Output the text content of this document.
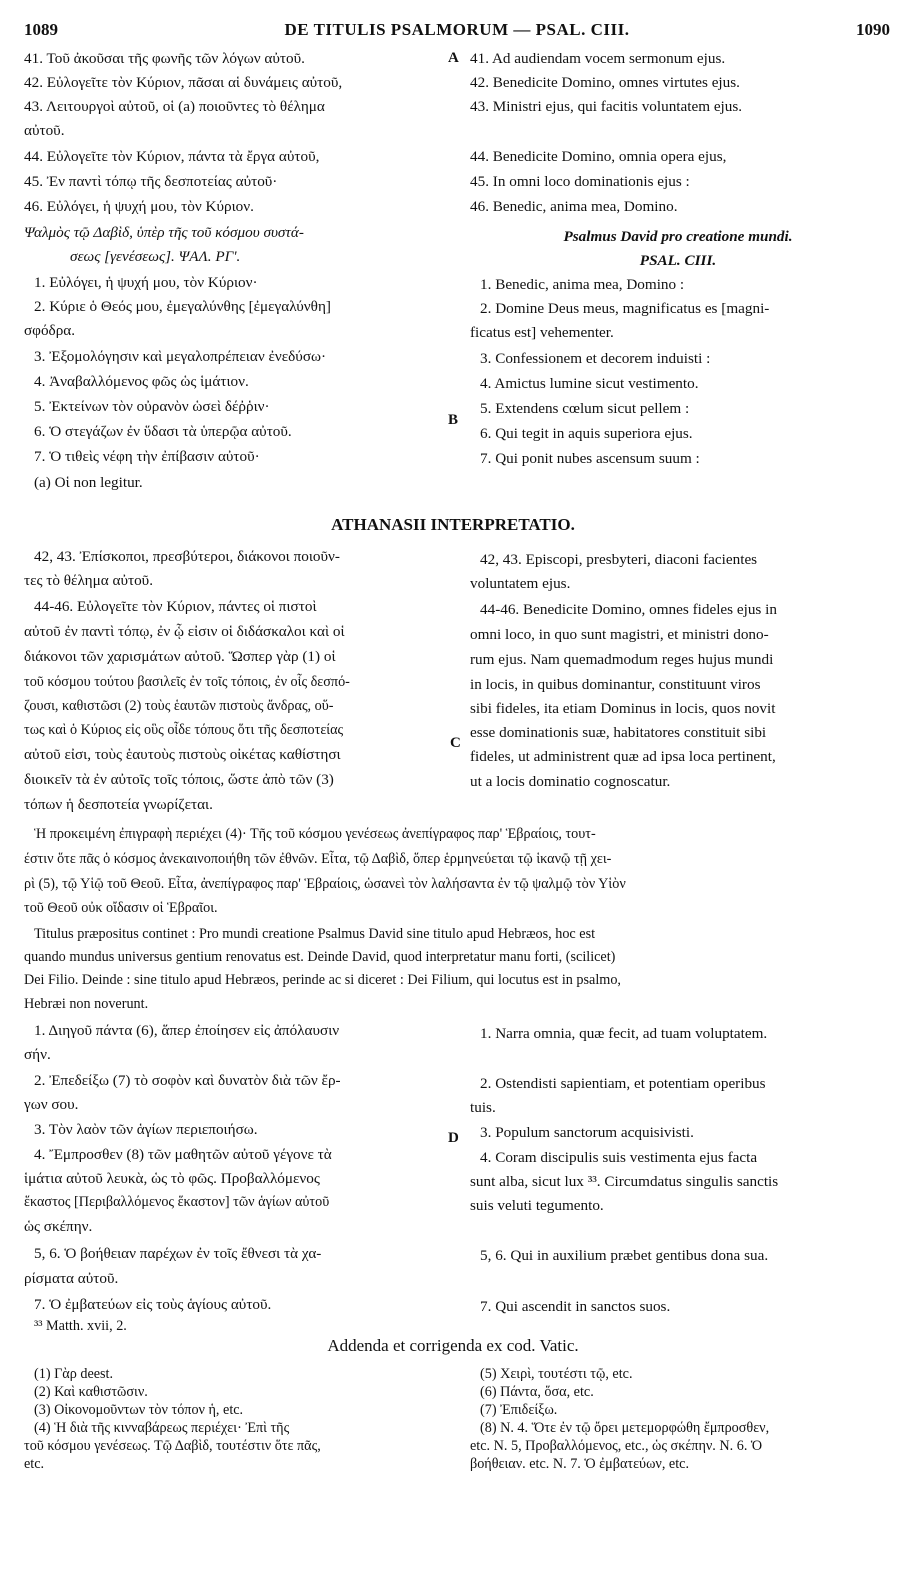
1089	DE TITULIS PSALMORUM — PSAL. CIII.	1090
A
B
C
D
41. Τοῦ ἀκοῦσαι τῆς φωνῆς τῶν λόγων αὐτοῦ.
42. Εὐλογεῖτε τὸν Κύριον, πᾶσαι αἱ δυνάμεις αὐτοῦ,
43. Λειτουργοὶ αὐτοῦ, οἱ (a) ποιοῦντες τὸ θέλημα
αὐτοῦ.
44. Εὐλογεῖτε τὸν Κύριον, πάντα τὰ ἔργα αὐτοῦ,
45. Ἐν παντὶ τόπῳ τῆς δεσποτείας αὐτοῦ·
46. Εὐλόγει, ἡ ψυχή μου, τὸν Κύριον.
41. Ad audiendam vocem sermonum ejus.
42. Benedicite Domino, omnes virtutes ejus.
43. Ministri ejus, qui facitis voluntatem ejus.
44. Benedicite Domino, omnia opera ejus,
45. In omni loco dominationis ejus :
46. Benedic, anima mea, Domino.
Ψαλμὸς τῷ Δαβὶδ, ὑπὲρ τῆς τοῦ κόσμου συστά-
σεως [γενέσεως]. ΨΑΛ. ΡΓ'.
Psalmus David pro creatione mundi.
PSAL. CIII.
1. Εὐλόγει, ἡ ψυχή μου, τὸν Κύριον·
2. Κύριε ὁ Θεός μου, ἐμεγαλύνθης [ἐμεγαλύνθη]
σφόδρα.
3. Ἐξομολόγησιν καὶ μεγαλοπρέπειαν ἐνεδύσω·
4. Ἀναβαλλόμενος φῶς ὡς ἱμάτιον.
5. Ἐκτείνων τὸν οὐρανὸν ὡσεὶ δέῤῥιν·
6. Ὁ στεγάζων ἐν ὕδασι τὰ ὑπερῷα αὐτοῦ.
7. Ὁ τιθεὶς νέφη τὴν ἐπίβασιν αὐτοῦ·
1. Benedic, anima mea, Domino :
2. Domine Deus meus, magnificatus es [magni-
ficatus est] vehementer.
3. Confessionem et decorem induisti :
4. Amictus lumine sicut vestimento.
5. Extendens cœlum sicut pellem :
6. Qui tegit in aquis superiora ejus.
7. Qui ponit nubes ascensum suum :
(a) Οἱ non legitur.
ATHANASII INTERPRETATIO.
42, 43. Ἐπίσκοποι, πρεσβύτεροι, διάκονοι ποιοῦν-
τες τὸ θέλημα αὐτοῦ.
44-46. Εὐλογεῖτε τὸν Κύριον, πάντες οἱ πιστοὶ
αὐτοῦ ἐν παντὶ τόπῳ, ἐν ᾧ εἰσιν οἱ διδάσκαλοι καὶ οἱ
διάκονοι τῶν χαρισμάτων αὐτοῦ. Ὥσπερ γὰρ (1) οἱ
τοῦ κόσμου τούτου βασιλεῖς ἐν τοῖς τόποις, ἐν οἷς δεσπό-
ζουσι, καθιστῶσι (2) τοὺς ἑαυτῶν πιστοὺς ἄνδρας, οὕ-
τως καὶ ὁ Κύριος εἰς οὓς οἶδε τόπους ὅτι τῆς δεσποτείας
αὐτοῦ εἰσι, τοὺς ἑαυτοὺς πιστοὺς οἰκέτας καθίστησι
διοικεῖν τὰ ἐν αὐτοῖς τοῖς τόποις, ὥστε ἀπὸ τῶν (3)
τόπων ἡ δεσποτεία γνωρίζεται.
42, 43. Episcopi, presbyteri, diaconi facientes
voluntatem ejus.
44-46. Benedicite Domino, omnes fideles ejus in
omni loco, in quo sunt magistri, et ministri dono-
rum ejus. Nam quemadmodum reges hujus mundi
in locis, in quibus dominantur, constituunt viros
sibi fideles, ita etiam Dominus in locis, quos novit
esse dominationis suæ, habitatores constituit sibi
fideles, ut administrent quæ ad ipsa loca pertinent,
ut a locis dominatio cognoscatur.
Ἡ προκειμένη ἐπιγραφὴ περιέχει (4)· Τῆς τοῦ κόσμου γενέσεως ἀνεπίγραφος παρ' Ἑβραίοις, τουτ-
έστιν ὅτε πᾶς ὁ κόσμος ἀνεκαινοποιήθη τῶν ἐθνῶν. Εἶτα, τῷ Δαβὶδ, ὅπερ ἑρμηνεύεται τῷ ἱκανῷ τῇ χει-
ρὶ (5), τῷ Υἱῷ τοῦ Θεοῦ. Εἶτα, ἀνεπίγραφος παρ' Ἑβραίοις, ὡσανεὶ τὸν λαλήσαντα ἐν τῷ ψαλμῷ τὸν Υἱὸν
τοῦ Θεοῦ οὐκ οἴδασιν οἱ Ἑβραῖοι.
Titulus præpositus continet : Pro mundi creatione Psalmus David sine titulo apud Hebræos, hoc est
quando mundus universus gentium renovatus est. Deinde David, quod interpretatur manu forti, (scilicet)
Dei Filio. Deinde : sine titulo apud Hebræos, perinde ac si diceret : Dei Filium, qui locutus est in psalmo,
Hebræi non noverunt.
1. Διηγοῦ πάντα (6), ἅπερ ἐποίησεν εἰς ἀπόλαυσιν
σήν.
2. Ἐπεδείξω (7) τὸ σοφὸν καὶ δυνατὸν διὰ τῶν ἔρ-
γων σου.
3. Τὸν λαὸν τῶν ἁγίων περιεποιήσω.
4. Ἔμπροσθεν (8) τῶν μαθητῶν αὐτοῦ γέγονε τὰ
ἱμάτια αὐτοῦ λευκὰ, ὡς τὸ φῶς. Προβαλλόμενος
ἕκαστος [Περιβαλλόμενος ἕκαστον] τῶν ἁγίων αὐτοῦ
ὡς σκέπην.
5, 6. Ὁ βοήθειαν παρέχων ἐν τοῖς ἔθνεσι τὰ χα-
ρίσματα αὐτοῦ.
7. Ὁ ἐμβατεύων εἰς τοὺς ἁγίους αὐτοῦ.
³³ Matth. xvii, 2.
1. Narra omnia, quæ fecit, ad tuam voluptatem.
2. Ostendisti sapientiam, et potentiam operibus
tuis.
3. Populum sanctorum acquisivisti.
4. Coram discipulis suis vestimenta ejus facta
sunt alba, sicut lux ³³. Circumdatus singulis sanctis
suis veluti tegumento.
5, 6. Qui in auxilium præbet gentibus dona sua.
7. Qui ascendit in sanctos suos.
Addenda et corrigenda ex cod. Vatic.
(1) Γὰρ deest.
(2) Καὶ καθιστῶσιν.
(3) Οἰκονομοῦντων τὸν τόπον ἡ, etc.
(4) Ἡ διὰ τῆς κινναβάρεως περιέχει· Ἐπὶ τῆς
τοῦ κόσμου γενέσεως. Τῷ Δαβὶδ, τουτέστιν ὅτε πᾶς,
etc.
(5) Χειρὶ, τουτέστι τῷ, etc.
(6) Πάντα, ὅσα, etc.
(7) Ἐπιδείξω.
(8) N. 4. Ὅτε ἐν τῷ ὄρει μετεμορφώθη ἔμπροσθεν,
etc. N. 5, Προβαλλόμενος, etc., ὡς σκέπην. N. 6. Ὁ
βοήθειαν. etc. N. 7. Ὁ ἐμβατεύων, etc.
